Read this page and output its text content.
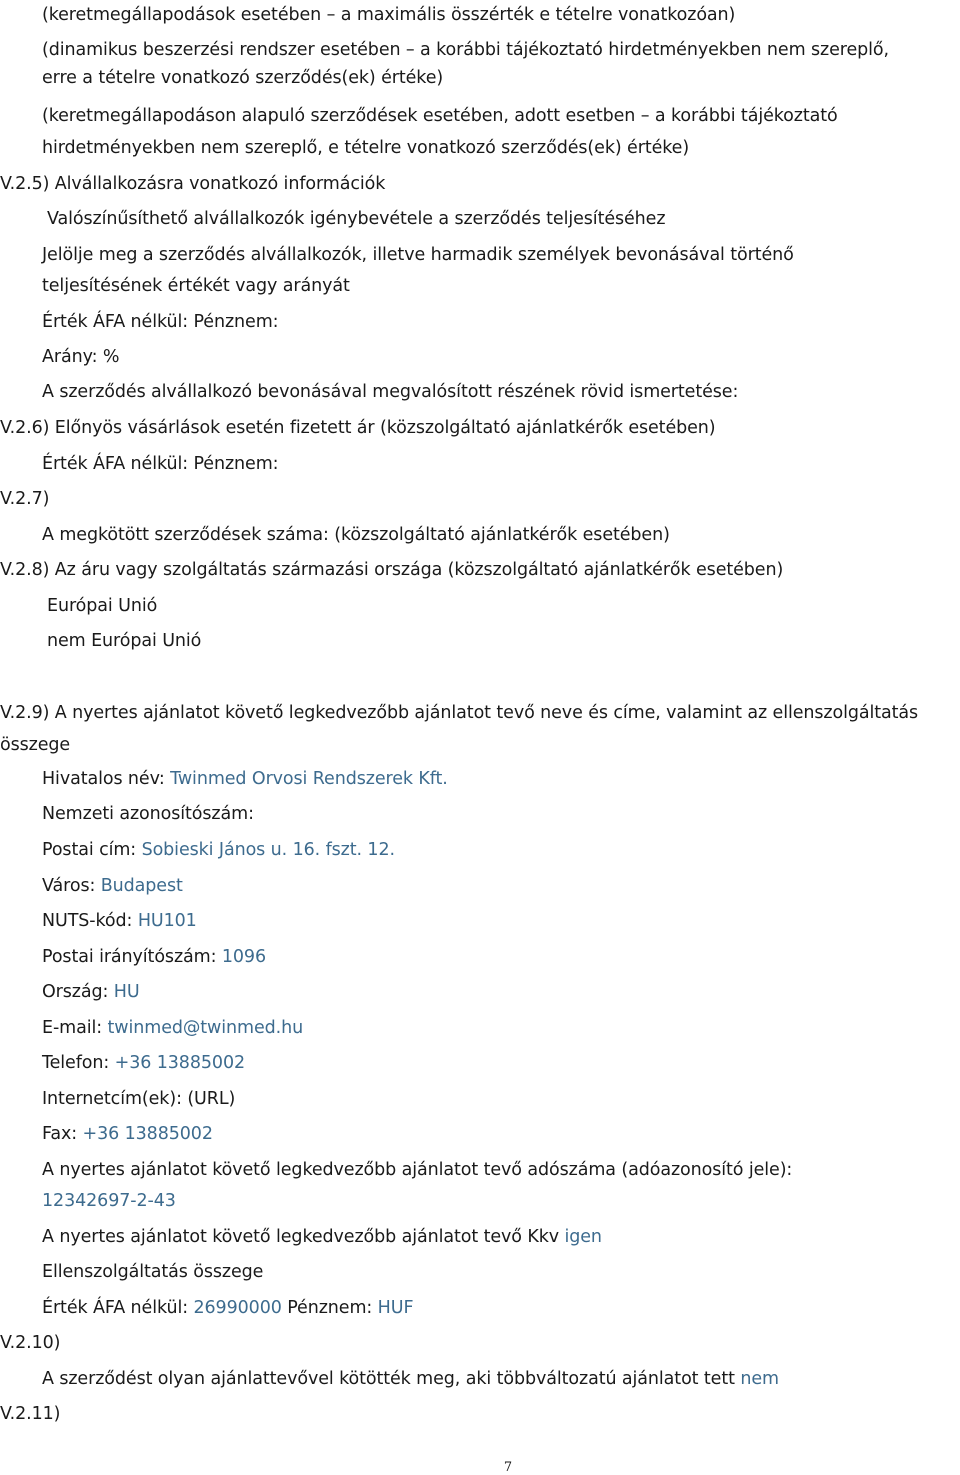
(keretmegállapodások esetében – a maximális összérték e tételre vonatkozóan)
(dinamikus beszerzési rendszer esetében – a korábbi tájékoztató hirdetményekben nem szereplő,
erre a tételre vonatkozó szerződés(ek) értéke)
(keretmegállapodáson alapuló szerződések esetében, adott esetben – a korábbi tájékoztató
hirdetményekben nem szereplő, e tételre vonatkozó szerződés(ek) értéke)
V.2.5) Alvállalkozásra vonatkozó információk
Valószínűsíthető alvállalkozók igénybevétele a szerződés teljesítéséhez
Jelölje meg a szerződés alvállalkozók, illetve harmadik személyek bevonásával történő
teljesítésének értékét vagy arányát
Érték ÁFA nélkül: Pénznem:
Arány: %
A szerződés alvállalkozó bevonásával megvalósított részének rövid ismertetése:
V.2.6) Előnyös vásárlások esetén fizetett ár (közszolgáltató ajánlatkérők esetében)
Érték ÁFA nélkül: Pénznem:
V.2.7)
A megkötött szerződések száma: (közszolgáltató ajánlatkérők esetében)
V.2.8) Az áru vagy szolgáltatás származási országa (közszolgáltató ajánlatkérők esetében)
Európai Unió
nem Európai Unió
V.2.9) A nyertes ajánlatot követő legkedvezőbb ajánlatot tevő neve és címe, valamint az ellenszolgáltatás
összege
Hivatalos név: Twinmed Orvosi Rendszerek Kft.
Nemzeti azonosítószám:
Postai cím: Sobieski János u. 16. fszt. 12.
Város: Budapest
NUTS-kód: HU101
Postai irányítószám: 1096
Ország: HU
E-mail: twinmed@twinmed.hu
Telefon: +36 13885002
Internetcím(ek): (URL)
Fax: +36 13885002
A nyertes ajánlatot követő legkedvezőbb ajánlatot tevő adószáma (adóazonosító jele):
12342697-2-43
A nyertes ajánlatot követő legkedvezőbb ajánlatot tevő Kkv igen
Ellenszolgáltatás összege
Érték ÁFA nélkül: 26990000 Pénznem: HUF
V.2.10)
A szerződést olyan ajánlattevővel kötötték meg, aki többváltozatú ajánlatot tett nem
V.2.11)
7
